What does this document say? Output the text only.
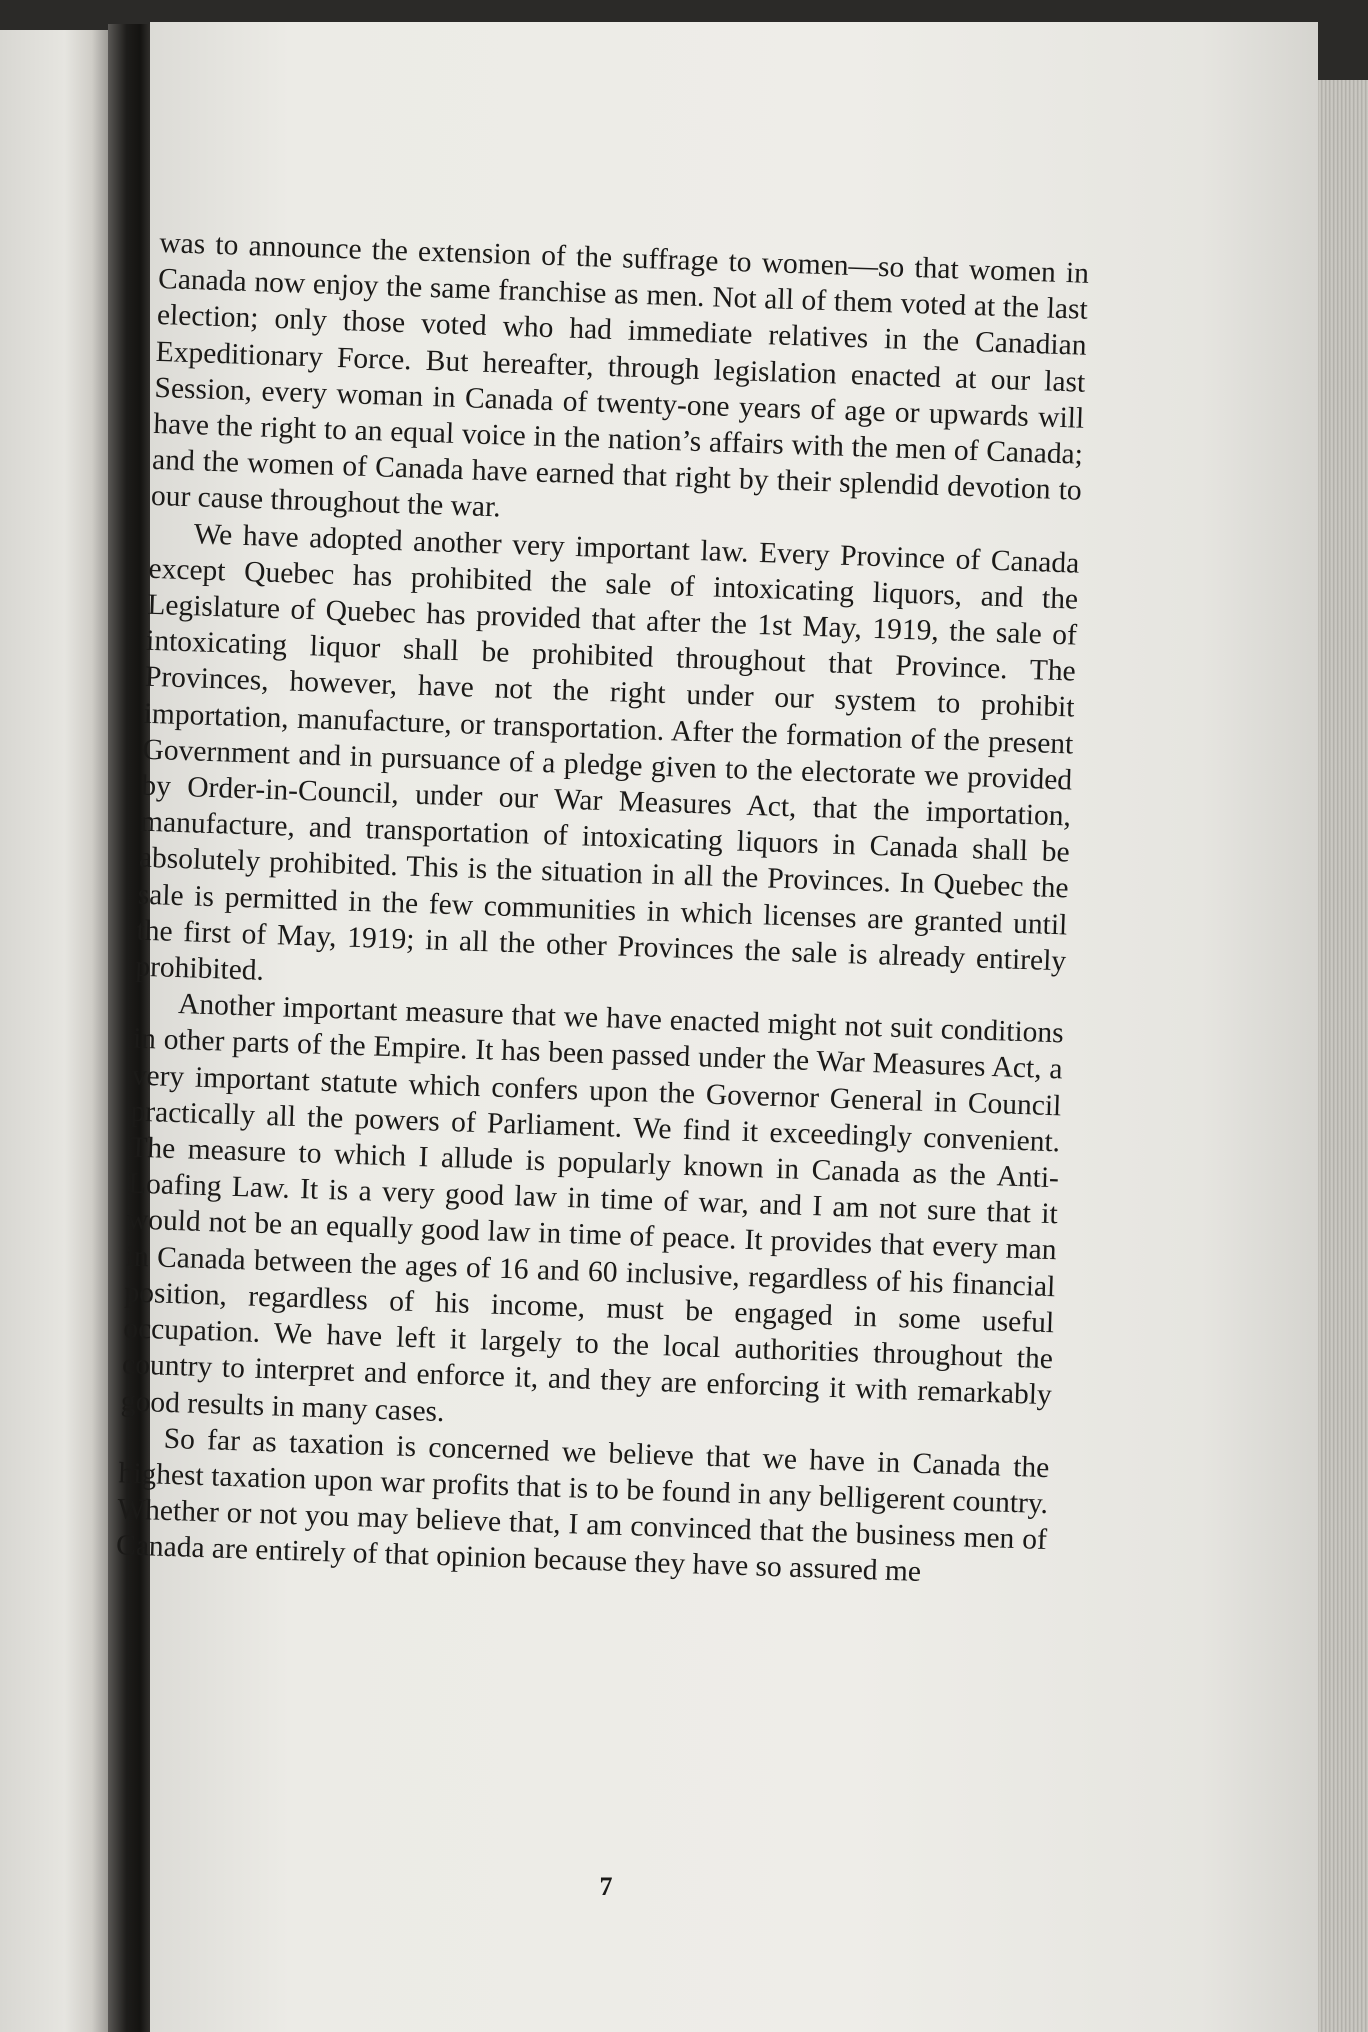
was to announce the extension of the suffrage to women—so that women in Canada now enjoy the same franchise as men. Not all of them voted at the last election; only those voted who had immediate relatives in the Canadian Expeditionary Force. But hereafter, through legislation enacted at our last Session, every woman in Canada of twenty-one years of age or upwards will have the right to an equal voice in the nation’s affairs with the men of Canada; and the women of Canada have earned that right by their splendid devotion to our cause throughout the war.

We have adopted another very important law. Every Province of Canada except Quebec has prohibited the sale of intoxicating liquors, and the Legislature of Quebec has provided that after the 1st May, 1919, the sale of intoxicating liquor shall be prohibited throughout that Province. The Provinces, however, have not the right under our system to prohibit importation, manufacture, or transportation. After the formation of the present Government and in pursuance of a pledge given to the electorate we provided by Order-in-Council, under our War Measures Act, that the importation, manufacture, and transportation of intoxicating liquors in Canada shall be absolutely prohibited. This is the situation in all the Provinces. In Quebec the sale is permitted in the few communities in which licenses are granted until the first of May, 1919; in all the other Provinces the sale is already entirely prohibited.

Another important measure that we have enacted might not suit conditions in other parts of the Empire. It has been passed under the War Measures Act, a very important statute which confers upon the Governor General in Council practically all the powers of Parliament. We find it exceedingly convenient. The measure to which I allude is popularly known in Canada as the Anti-Loafing Law. It is a very good law in time of war, and I am not sure that it would not be an equally good law in time of peace. It provides that every man in Canada between the ages of 16 and 60 inclusive, regardless of his financial position, regardless of his income, must be engaged in some useful occupation. We have left it largely to the local authorities throughout the country to interpret and enforce it, and they are enforcing it with remarkably good results in many cases.

So far as taxation is concerned we believe that we have in Canada the highest taxation upon war profits that is to be found in any belligerent country. Whether or not you may believe that, I am convinced that the business men of Canada are entirely of that opinion because they have so assured me

7
